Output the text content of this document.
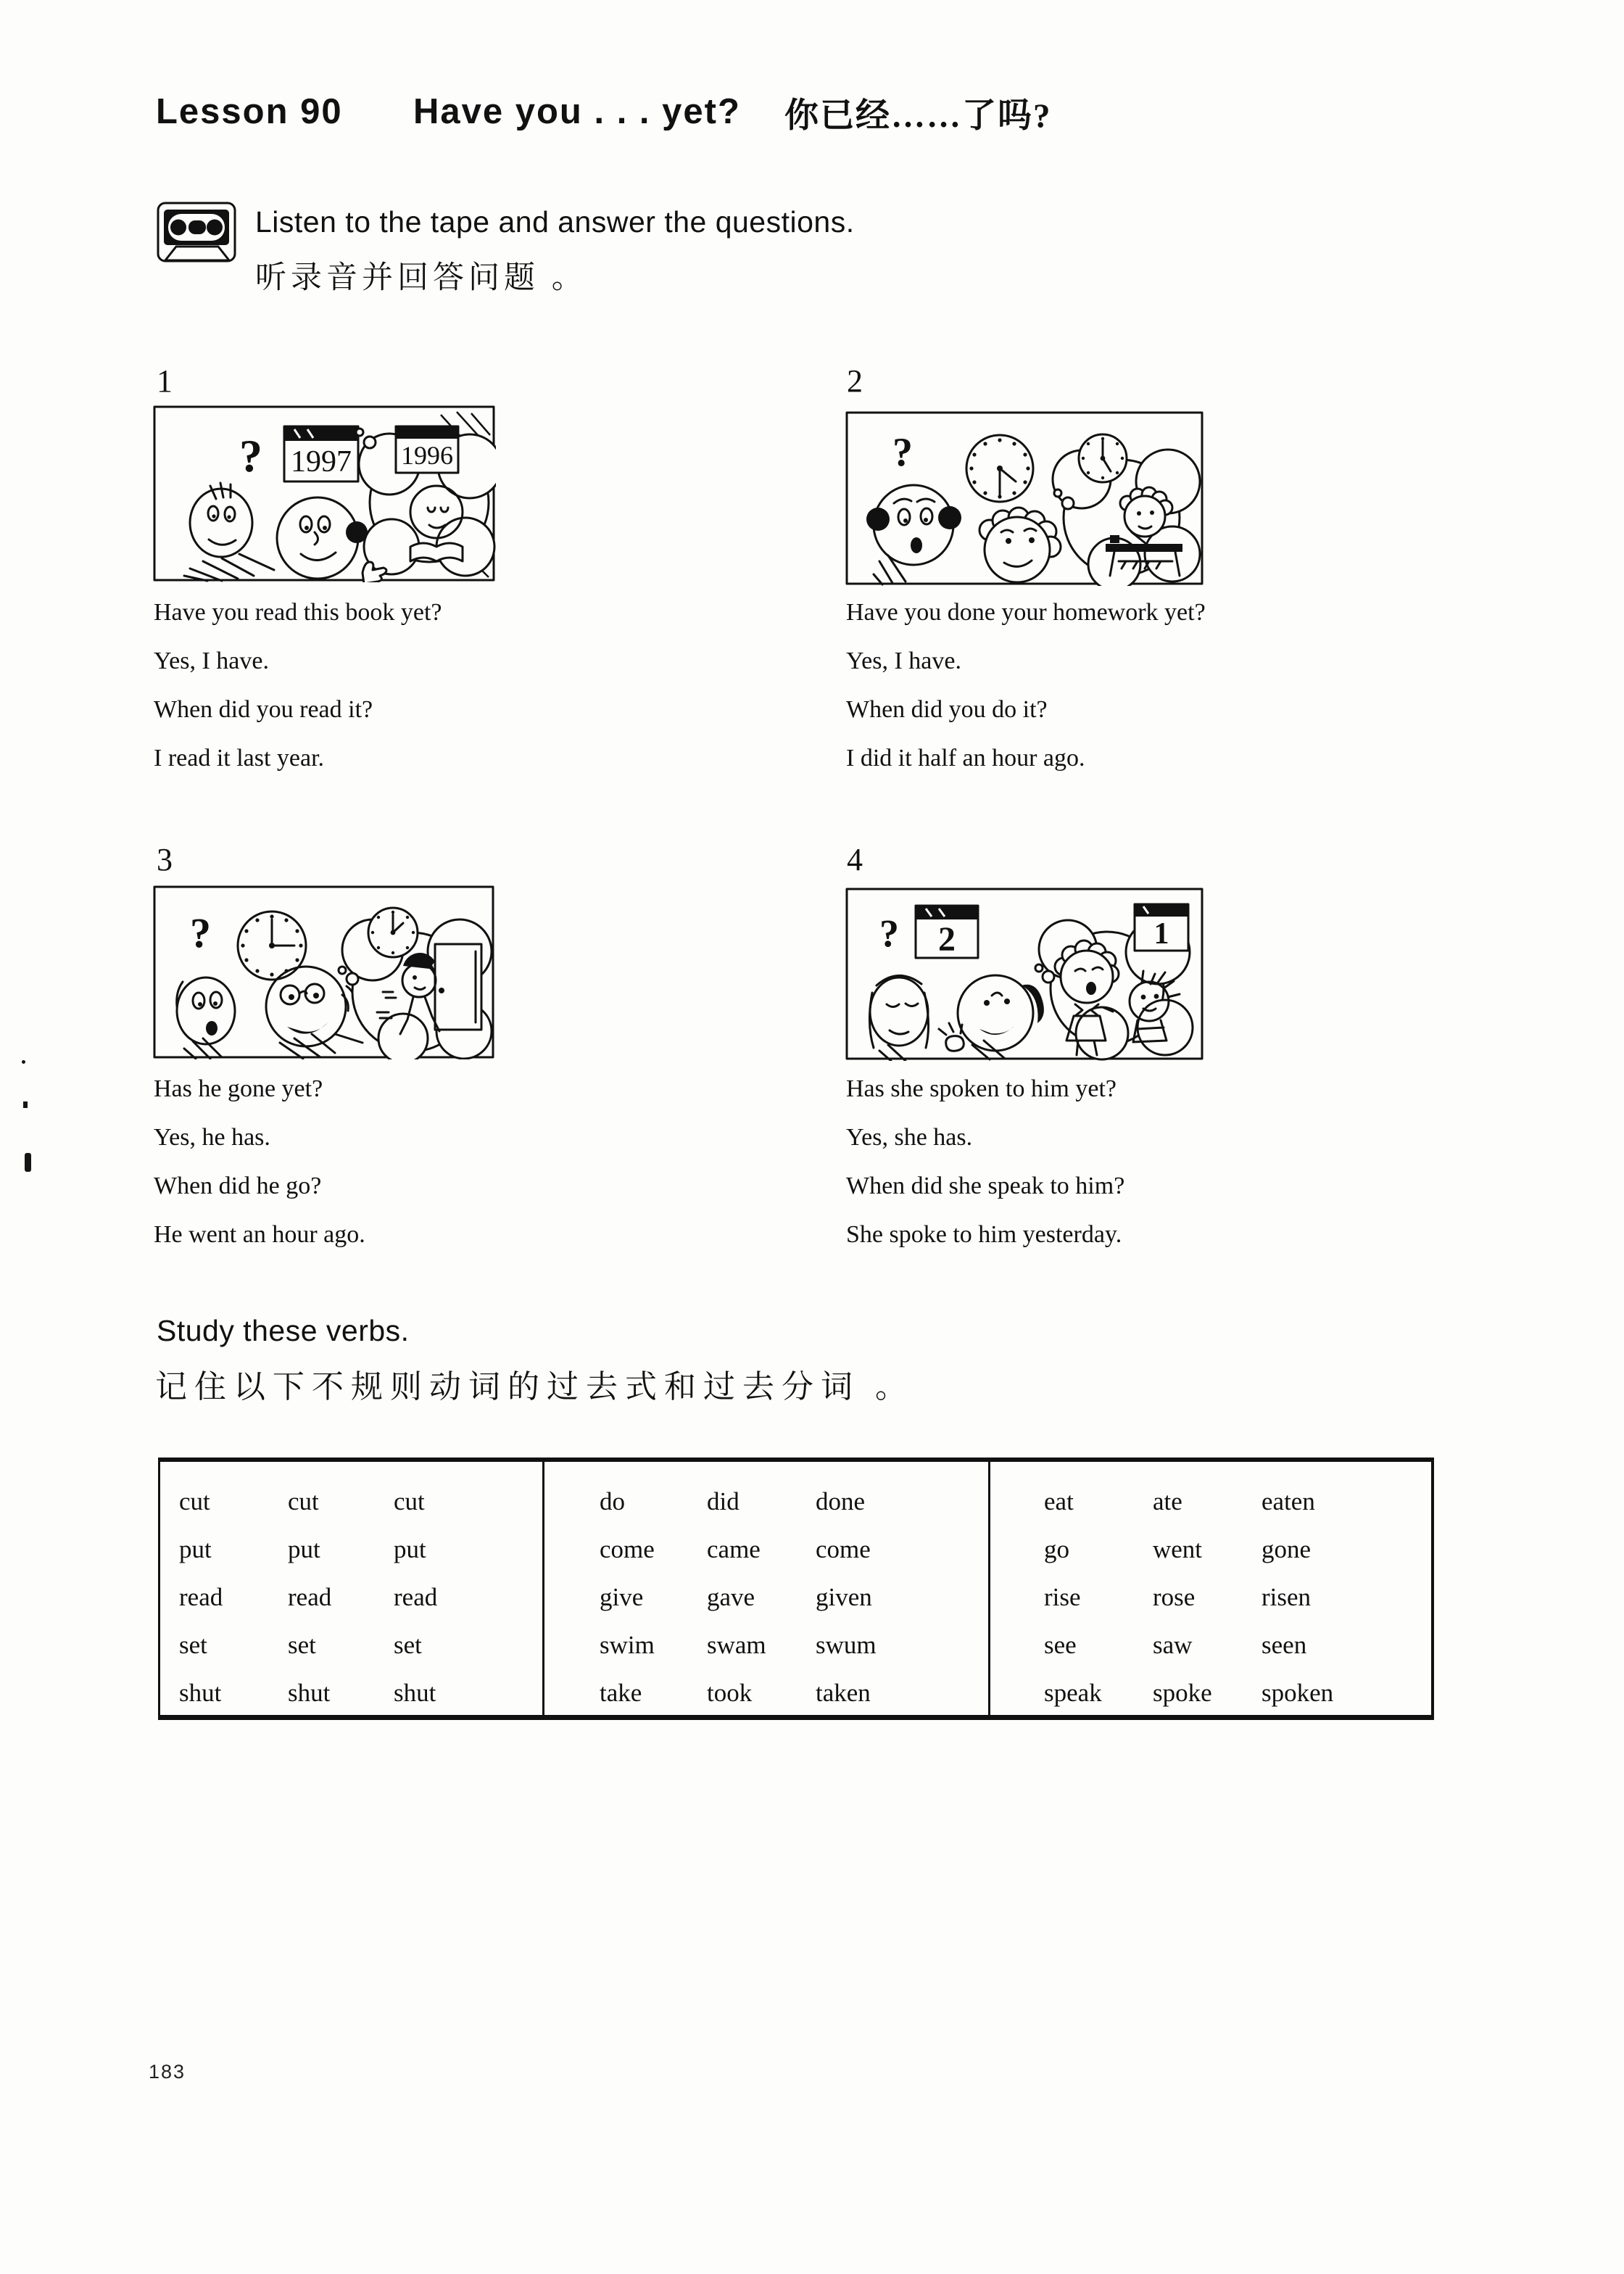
Lesson 90 Have you . . . yet? 你已经……了吗?
Listen to the tape and answer the questions.
听录音并回答问题 。
1
? 1997 1996

Have you read this book yet?

Yes, I have.

When did you read it?

I read it last year.

2
?

Have you done your homework yet?

Yes, I have.

When did you do it?

I did it half an hour ago.

3
?

Has he gone yet?

Yes, he has.

When did he go?

He went an hour ago.

4
? 2	1

Has she spoken to him yet?

Yes, she has.

When did she speak to him?

She spoke to him yesterday.

Study these verbs.
记住以下不规则动词的过去式和过去分词 。
cut	cut	cut
put	put	put
read	read	read
set	set	set
shut	shut	shut
do	did	done
come	came	come
give	gave	given
swim	swam	swum
take	took	taken
eat	ate	eaten
go	went	gone
rise	rose	risen
see	saw	seen
speak	spoke	spoken
183
